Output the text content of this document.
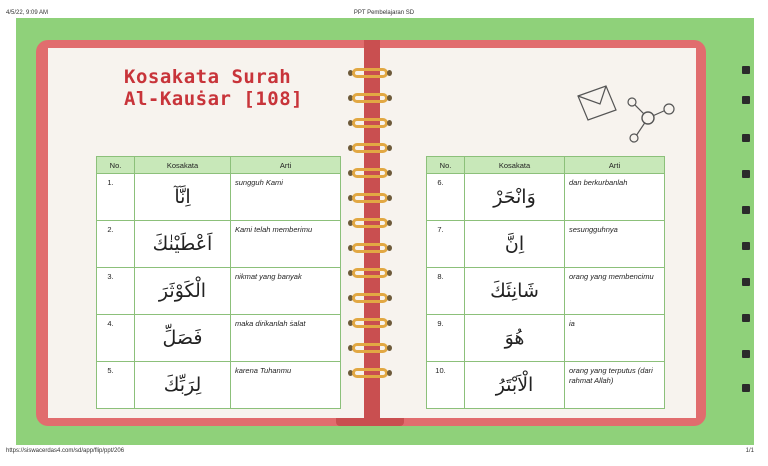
4/5/22, 9:09 AM	PPT Pembelajaran SD
Kosakata Surah
Al-Kauṡar [108]
No.	Kosakata	Arti
1.	اِنَّآ	sungguh Kami
2.	اَعْطَيْنٰكَ	Kami telah memberimu
3.	الْكَوْثَرَ	nikmat yang banyak
4.	فَصَلِّ	maka dirikanlah ṡalat
5.	لِرَبِّكَ	karena Tuhanmu
No.	Kosakata	Arti
6.	وَانْحَرْ	dan berkurbanlah
7.	اِنَّ	sesungguhnya
8.	شَانِئَكَ	orang yang membencimu
9.	هُوَ	ia
10.	الْاَبْتَرُ	orang yang terputus (dari rahmat Allah)
https://siswacerdas4.com/sd/app/flip/ppt/206	1/1
